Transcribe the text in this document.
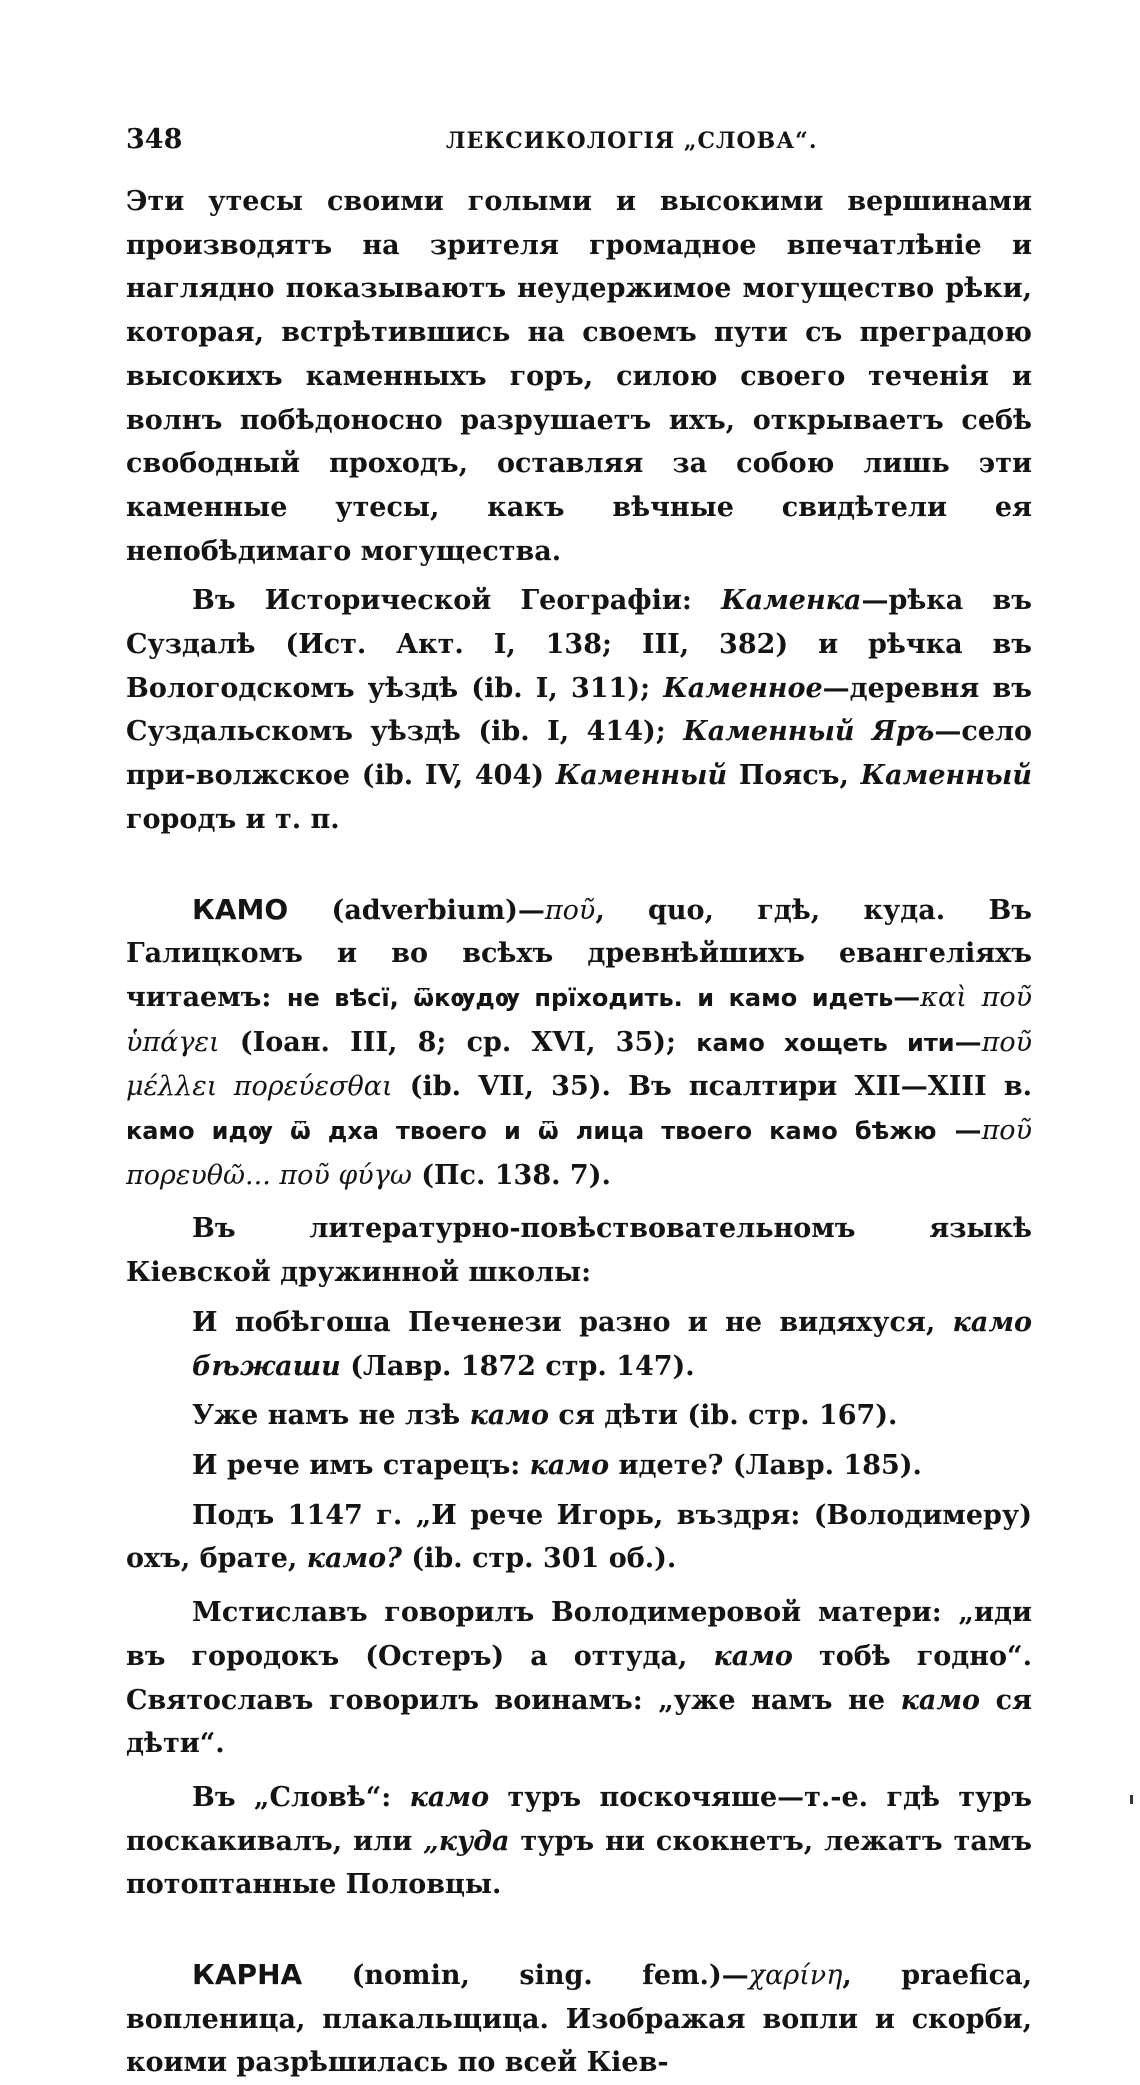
348	ЛЕКСИКОЛОГІЯ „СЛОВА“.

Эти утесы своими голыми и высокими вершинами производятъ на зрителя громадное впечатлѣніе и наглядно показываютъ неудержимое могущество рѣки, которая, встрѣтившись на своемъ пути съ преградою высокихъ каменныхъ горъ, силою своего теченія и волнъ побѣдоносно разрушаетъ ихъ, открываетъ себѣ свободный проходъ, оставляя за собою лишь эти каменные утесы, какъ вѣчные свидѣтели ея непобѣдимаго могущества.

Въ Исторической Географіи: Каменка—рѣка въ Суздалѣ (Ист. Акт. I, 138; III, 382) и рѣчка въ Вологодскомъ уѣздѣ (ib. I, 311); Каменное—деревня въ Суздальскомъ уѣздѣ (ib. I, 414); Каменный Яръ—село при-волжское (ib. IV, 404) Каменный Поясъ, Каменный городъ и т. п.

КАМО (adverbium)—ποῦ, quo, гдѣ, куда. Въ Галицкомъ и во всѣхъ древнѣйшихъ евангеліяхъ читаемъ: не вѣсї, ѿкѹдѹ прїходить. и камо идеть—καὶ ποῦ ὑπάγει (Іоан. III, 8; ср. XVI, 35); камо хощеть ити—ποῦ μέλλει πορεύεσθαι (ib. VII, 35). Въ псалтири XII—XIII в. камо идѹ ѿ дха твоего и ѿ лица твоего камо бѣжю —ποῦ πορευθῶ... ποῦ φύγω (Пс. 138. 7).

Въ литературно-повѣствовательномъ языкѣ Кіевской дружинной школы:

И побѣгоша Печенези разно и не видяхуся, камо бѣжаши (Лавр. 1872 стр. 147).

Уже намъ не лзѣ камо ся дѣти (ib. стр. 167).

И рече имъ старецъ: камо идете? (Лавр. 185).

Подъ 1147 г. „И рече Игорь, въздря: (Володимеру) охъ, брате, камо? (ib. стр. 301 об.).

Мстиславъ говорилъ Володимеровой матери: „иди въ городокъ (Остеръ) а оттуда, камо тобѣ годно“. Святославъ говорилъ воинамъ: „уже намъ не камо ся дѣти“.

Въ „Словѣ“: камо туръ поскочяше—т.-е. гдѣ туръ поскакивалъ, или „куда туръ ни скокнетъ, лежатъ тамъ потоптанные Половцы.

КАРНА (nomin, sing. fem.)—χαρίνη, praefica, вопленица, плакальщица. Изображая вопли и скорби, коими разрѣшилась по всей Кіев-
